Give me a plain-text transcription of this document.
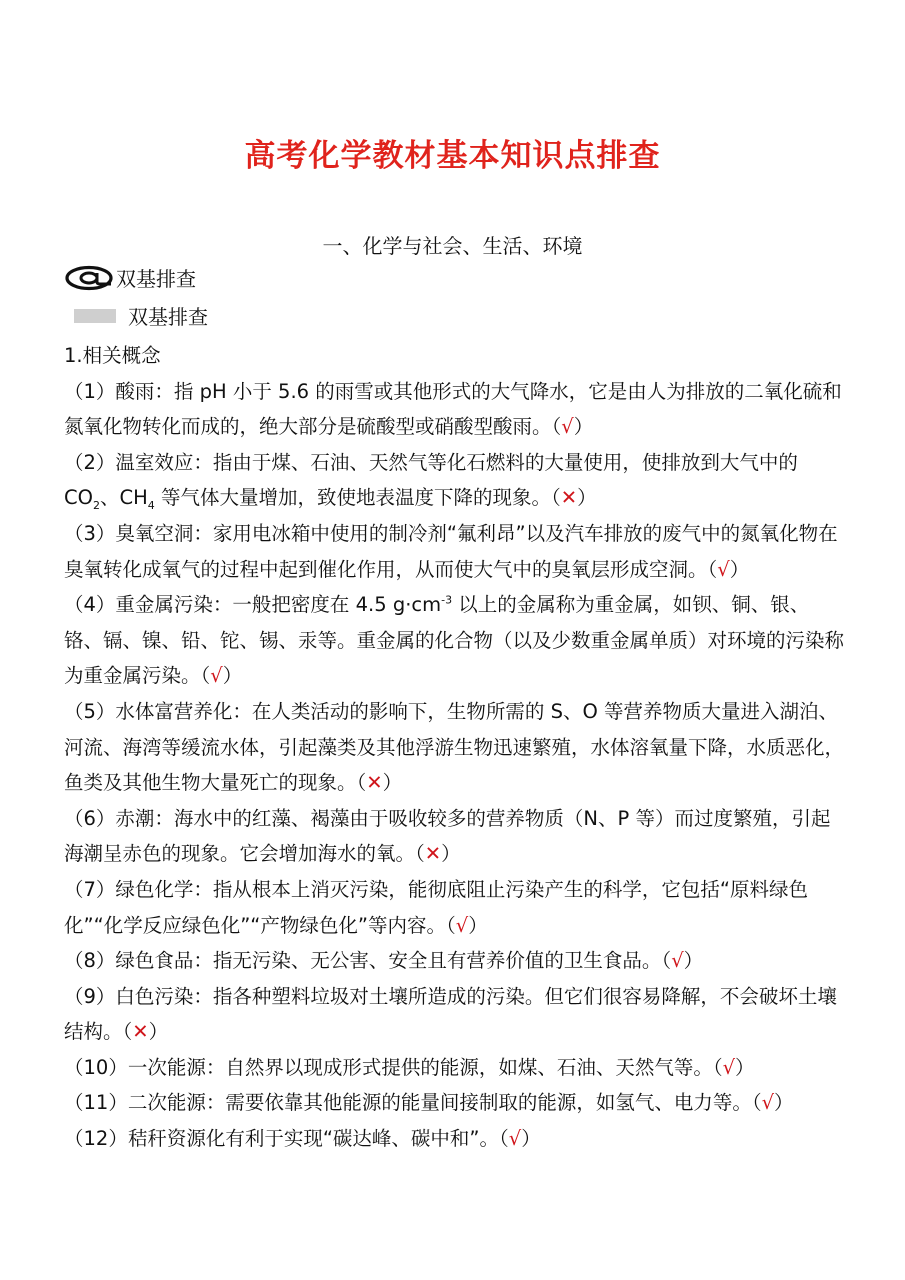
高考化学教材基本知识点排查
一、化学与社会、生活、环境
双基排查
双基排查

1.相关概念

（1）酸雨：指 pH 小于 5.6 的雨雪或其他形式的大气降水，它是由人为排放的二氧化硫和氮氧化物转化而成的，绝大部分是硫酸型或硝酸型酸雨。（√）

（2）温室效应：指由于煤、石油、天然气等化石燃料的大量使用，使排放到大气中的 $CO_2$、$CH_4$ 等气体大量增加，致使地表温度下降的现象。（✕）

（3）臭氧空洞：家用电冰箱中使用的制冷剂“氟利昂”以及汽车排放的废气中的氮氧化物在臭氧转化成氧气的过程中起到催化作用，从而使大气中的臭氧层形成空洞。（√）

（4）重金属污染：一般把密度在 4.5 $g\cdot cm^{-3}$ 以上的金属称为重金属，如钡、铜、银、铬、镉、镍、铅、铊、锡、汞等。重金属的化合物（以及少数重金属单质）对环境的污染称为重金属污染。（√）

（5）水体富营养化：在人类活动的影响下，生物所需的 S、O 等营养物质大量进入湖泊、河流、海湾等缓流水体，引起藻类及其他浮游生物迅速繁殖，水体溶氧量下降，水质恶化，鱼类及其他生物大量死亡的现象。（✕）

（6）赤潮：海水中的红藻、褐藻由于吸收较多的营养物质（N、P 等）而过度繁殖，引起海潮呈赤色的现象。它会增加海水的氧。（✕）

（7）绿色化学：指从根本上消灭污染，能彻底阻止污染产生的科学，它包括“原料绿色化”“化学反应绿色化”“产物绿色化”等内容。（√）

（8）绿色食品：指无污染、无公害、安全且有营养价值的卫生食品。（√）

（9）白色污染：指各种塑料垃圾对土壤所造成的污染。但它们很容易降解，不会破坏土壤结构。（✕）

（10）一次能源：自然界以现成形式提供的能源，如煤、石油、天然气等。（√）

（11）二次能源：需要依靠其他能源的能量间接制取的能源，如氢气、电力等。（√）

（12）秸秆资源化有利于实现“碳达峰、碳中和”。（√）
